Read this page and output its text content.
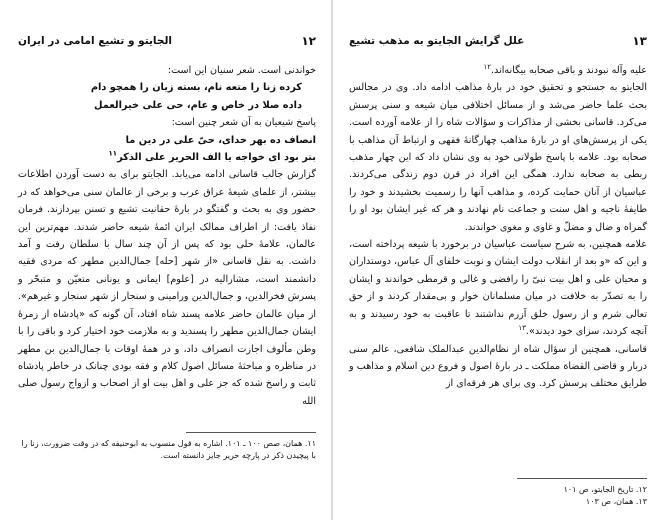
۱۲
الجایتو و تشیع امامی در ایران

خواندنی است. شعر سنیان این است:

کرده زنا را متعه نام، بسته زیان را همچو دام

داده صلا در خاص و عام، حی علی خیرالعمل

پاسخ شیعیان به آن شعر چنین است:

انصاف ده بهر خدای، حیّ علی در دین ما

بتر بود ای خواجه یا الف الحریر علی الذکر$^{۱۱}$

گزارش جالب قاسانی ادامه می‌یابد. الجایتو برای به دست آوردن اطلاعات بیشتر، از علمای شیعهٔ عراق عرب و برخی از عالمان سنی می‌خواهد که در حضور وی به بحث و گفتگو در بارهٔ حقانیت تشیع و تسنن بپردازند. فرمان نفاذ یافت: از اطراف ممالک ایران ائمهٔ شیعه حاضر شدند. مهم‌ترین این عالمان، علامهٔ حلی بود که پس از آن چند سال با سلطان رفت و آمد داشت. به نقل قاسانی «از شهر [حله] جمال‌الدین مطهر که مردی فقیه دانشمند است، مشارالیه در [علوم] ایمانی و یونانی متعیّن و متبحّر و پسرش فخرالدین، و جمال‌الدین ورامینی و سنجار از شهر سنجار و غیرهم». از میان عالمان حاضر علامه پسند شاه افتاد، آن گونه که «پادشاه از زمرهٔ ایشان جمال‌الدین مطهر را پسندید و به ملازمت خود اختیار کرد و باقی را با وطن مألوف اجازت انصراف داد، و در همهٔ اوقات با جمال‌الدین بن مطهر در مناظره و مباحثهٔ مسائل اصول کلام و فقه بودی چنانک در خاطر پادشاه ثابت و راسخ شده که جز علی و اهل بیت او از اصحاب و ازواج رسول صلی الله

۱۱. همان، صص ۱۰۰ ـ ۱۰۱. اشاره به قول منسوب به ابوحنیفه که در وقت ضرورت، زنا را با پیچیدن ذکر در پارچه حریر جایز دانسته است.

۱۳
علل گرایش الجایتو به مذهب تشیع

علیه وآله نبودند و باقی صحابه بیگانه‌اند.$^{۱۲}$

الجایتو به جستجو و تحقیق خود در بارهٔ مذاهب ادامه داد. وی در مجالس بحث علما حاضر می‌شد و از مسائل اختلافی میان شیعه و سنی پرسش می‌کرد. قاسانی بخشی از مذاکرات و سؤالات شاه را از علامه آورده است. یکی از پرسش‌های او در بارهٔ مذاهب چهارگانهٔ فقهی و ارتباط آن مذاهب با صحابه بود. علامه با پاسخ طولانی خود به وی نشان داد که این چهار مذهب ربطی به صحابه ندارد. همگی این افراد در قرن دوم زندگی می‌کردند. عباسیان از آنان حمایت کرده، و مذاهب آنها را رسمیت بخشیدند و خود را طایفهٔ ناجیه و اهل سنت و جماعت نام نهادند و هر که غیر ایشان بود او را گمراه و ضال و مضلّ و غاوی و مغوی خواندند.

علامه همچنین، به شرح سیاست عباسیان در برخورد با شیعه پرداخته است، و این که «و بعد از انقلاب دولت ایشان و نوبت خلفای آل عباس، دوستداران و محبان علی و اهل بیت نبیّ را رافضی و غالی و قرمطی خواندند و ایشان را به تصدّر به خلافت در میان مسلمانان خوار و بی‌مقدار کردند و از حق تعالی شرم و از رسول خلق آزرم نداشتند تا عاقبت به خود رسیدند و به آنچه کردند، سزای خود دیدند».$^{۱۳}$

قاسانی، همچنین از سؤال شاه از نظام‌الدین عبدالملک شافعی، عالم سنی دربار و قاضی القضاة مملکت ـ در بارهٔ اصول و فروع دین اسلام و مذاهب و طرایق مختلف پرسش کرد. وی برای هر فرقه‌ای از

۱۲. تاریخ الجایتو، ص ۱۰۱

۱۳. همان، ص ۱۰۳
